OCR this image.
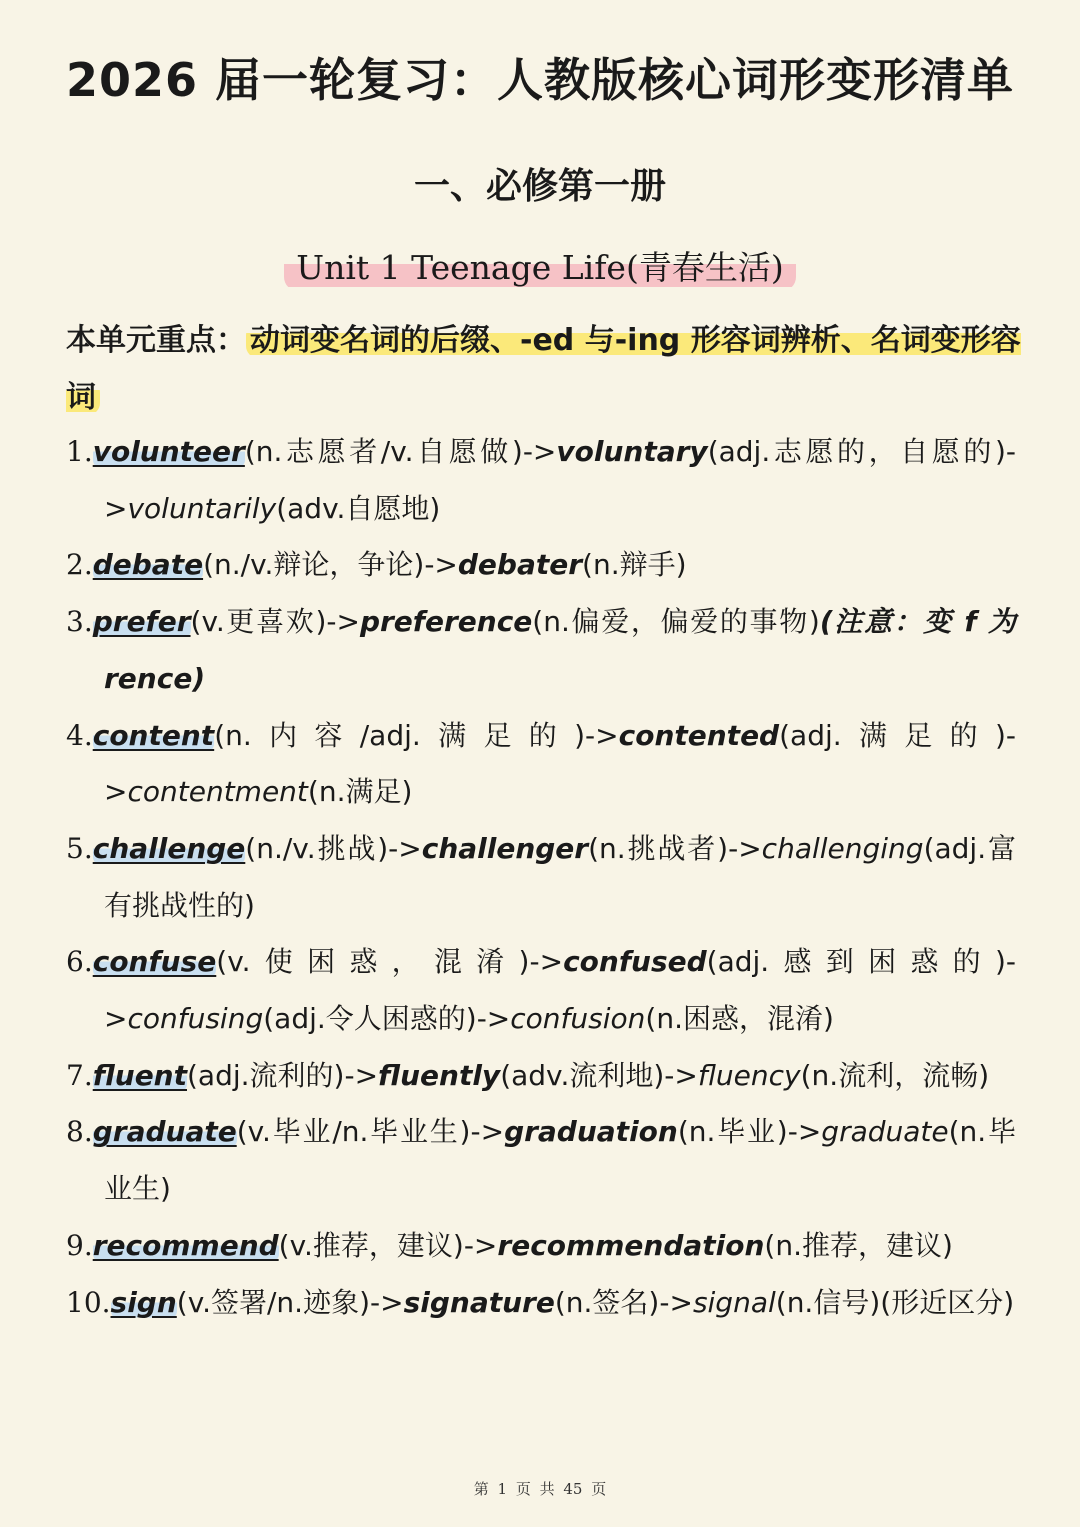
2026 届一轮复习：人教版核心词形变形清单
一、必修第一册
Unit 1 Teenage Life(青春生活)
本单元重点： 动词变名词的后缀、-ed 与-ing 形容词辨析、名词变形容词
1.volunteer(n.志愿者/v.自愿做)->voluntary(adj.志愿的，自愿的)->voluntarily(adv.自愿地)
2.debate(n./v.辩论，争论)->debater(n.辩手)
3.prefer(v.更喜欢)->preference(n.偏爱，偏爱的事物)(注意：变 f 为 rence)
4.content(n.内容/adj.满足的)->contented(adj.满足的)->contentment(n.满足)
5.challenge(n./v.挑战)->challenger(n.挑战者)->challenging(adj.富有挑战性的)
6.confuse(v.使困惑，混淆)->confused(adj.感到困惑的)->confusing(adj.令人困惑的)->confusion(n.困惑，混淆)
7.fluent(adj.流利的)->fluently(adv.流利地)->fluency(n.流利，流畅)
8.graduate(v.毕业/n.毕业生)->graduation(n.毕业)->graduate(n.毕业生)
9.recommend(v.推荐，建议)->recommendation(n.推荐，建议)
10.sign(v.签署/n.迹象)->signature(n.签名)->signal(n.信号)(形近区分)
第 1 页 共 45 页
